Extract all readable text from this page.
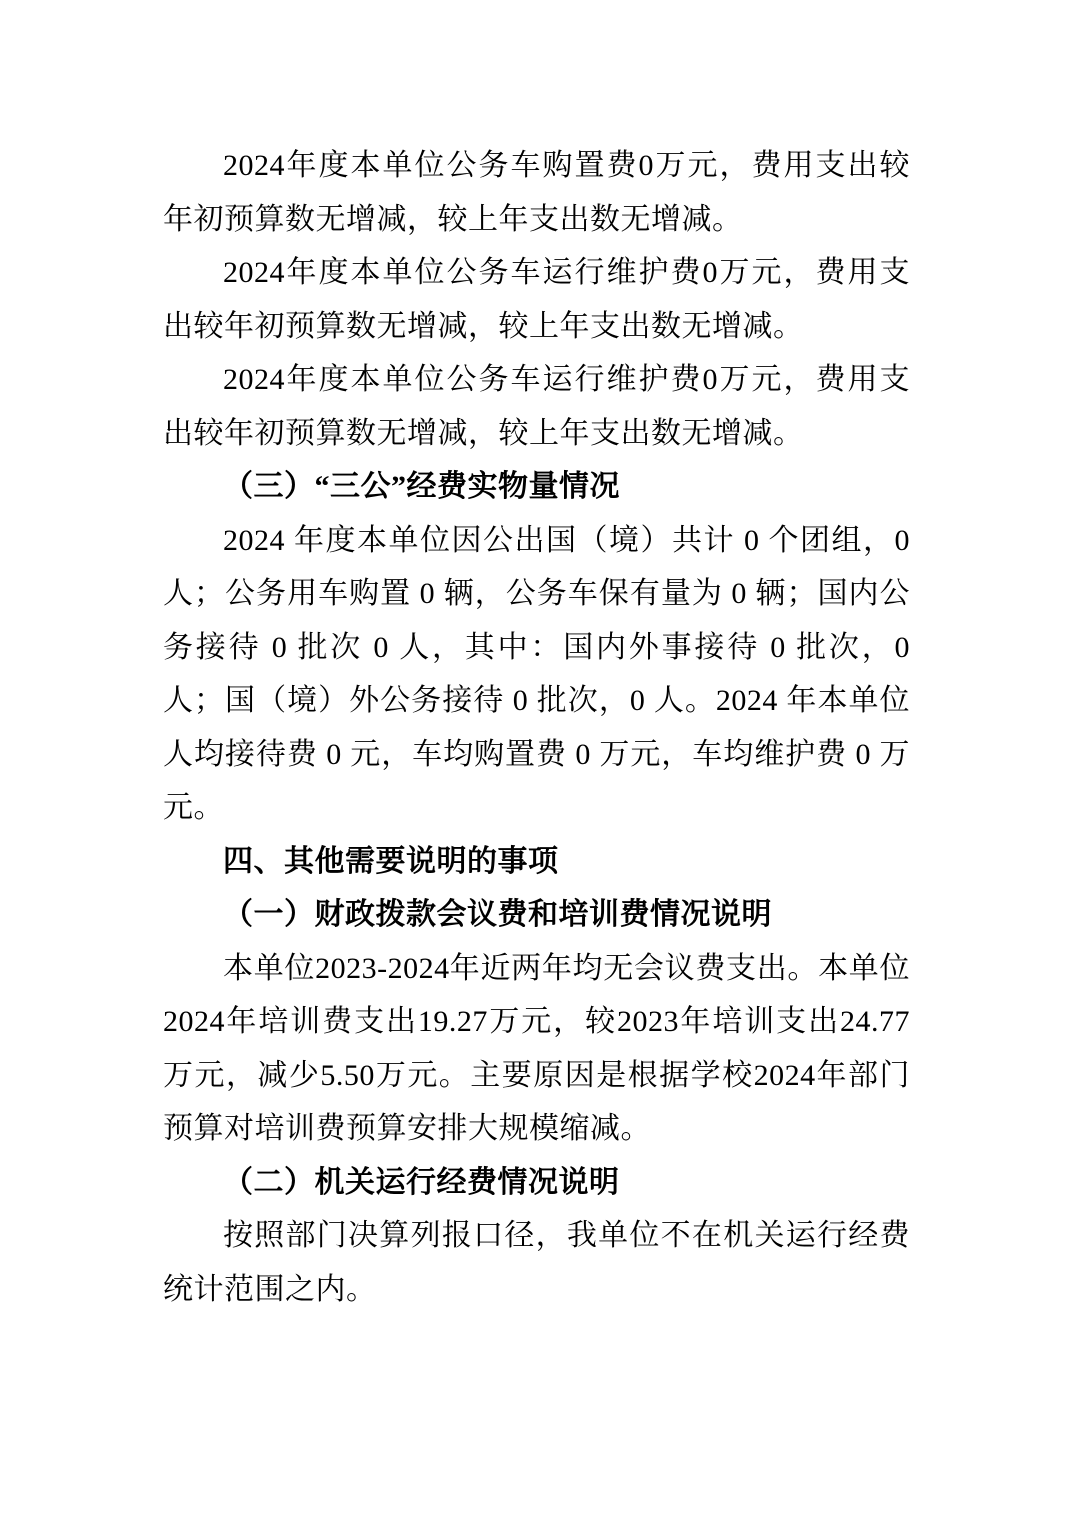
2024年度本单位公务车购置费0万元，费用支出较年初预算数无增减，较上年支出数无增减。

2024年度本单位公务车运行维护费0万元，费用支出较年初预算数无增减，较上年支出数无增减。

2024年度本单位公务车运行维护费0万元，费用支出较年初预算数无增减，较上年支出数无增减。

（三）“三公”经费实物量情况

2024 年度本单位因公出国（境）共计 0 个团组，0 人；公务用车购置 0 辆，公务车保有量为 0 辆；国内公务接待 0 批次 0 人，其中：国内外事接待 0 批次，0 人；国（境）外公务接待 0 批次，0 人。2024 年本单位人均接待费 0 元，车均购置费 0 万元，车均维护费 0 万元。

四、其他需要说明的事项

（一）财政拨款会议费和培训费情况说明

本单位2023-2024年近两年均无会议费支出。本单位2024年培训费支出19.27万元，较2023年培训支出24.77万元，减少5.50万元。主要原因是根据学校2024年部门预算对培训费预算安排大规模缩减。

（二）机关运行经费情况说明

按照部门决算列报口径，我单位不在机关运行经费统计范围之内。
